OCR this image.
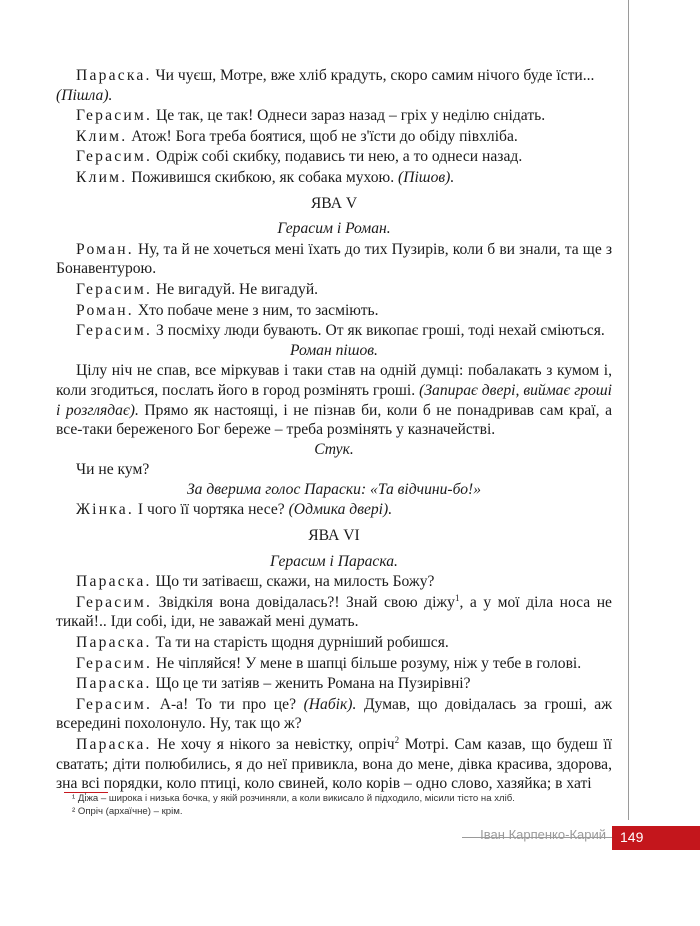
Параска. Чи чуєш, Мотре, вже хліб крадуть, скоро самим нічого буде їсти...
(Пішла).

Герасим. Це так, це так! Однеси зараз назад – гріх у неділю снідать.

Клим. Атож! Бога треба боятися, щоб не з'їсти до обіду півхліба.

Герасим. Одріж собі скибку, подавись ти нею, а то однеси назад.

Клим. Поживишся скибкою, як собака мухою. (Пішов).

ЯВА V

Герасим і Роман.

Роман. Ну, та й не хочеться мені їхать до тих Пузирів, коли б ви знали, та ще з Бонавентурою.

Герасим. Не вигадуй. Не вигадуй.

Роман. Хто побаче мене з ним, то засміють.

Герасим. З посміху люди бувають. От як викопає гроші, тоді нехай сміються.

Роман пішов.

Цілу ніч не спав, все міркував і таки став на одній думці: побалакать з кумом і, коли згодиться, послать його в город розмінять гроші. (Запирає двері, виймає гроші і розглядає). Прямо як настоящі, і не пізнав би, коли б не понадривав сам краї, а все-таки береженого Бог береже – треба розмінять у казначействі.

Стук.

Чи не кум?

За дверима голос Параски: «Та відчини-бо!»

Жінка. І чого її чортяка несе? (Одмика двері).

ЯВА VI

Герасим і Параска.

Параска. Що ти затіваєш, скажи, на милость Божу?

Герасим. Звідкіля вона довідалась?! Знай свою діжу$^1$, а у мої діла носа не тикай!.. Іди собі, іди, не заважай мені думать.

Параска. Та ти на старість щодня дурніший робишся.

Герасим. Не чіпляйся! У мене в шапці більше розуму, ніж у тебе в голові.

Параска. Що це ти затіяв – женить Романа на Пузирівні?

Герасим. А-а! То ти про це? (Набік). Думав, що довідалась за гроші, аж всередині похолонуло. Ну, так що ж?

Параска. Не хочу я нікого за невістку, опріч$^2$ Мотрі. Сам казав, що будеш її сватать; діти полюбились, я до неї привикла, вона до мене, дівка красива, здорова, зна всі порядки, коло птиці, коло свиней, коло корів – одно слово, хазяйка; в хаті

¹ Ді́жа – широка і низька бочка, у якій розчиняли, а коли викисало й підходило, місили тісто на хліб.

² Опріч (архаїчне) – крім.

Іван Карпенко-Карий 149
